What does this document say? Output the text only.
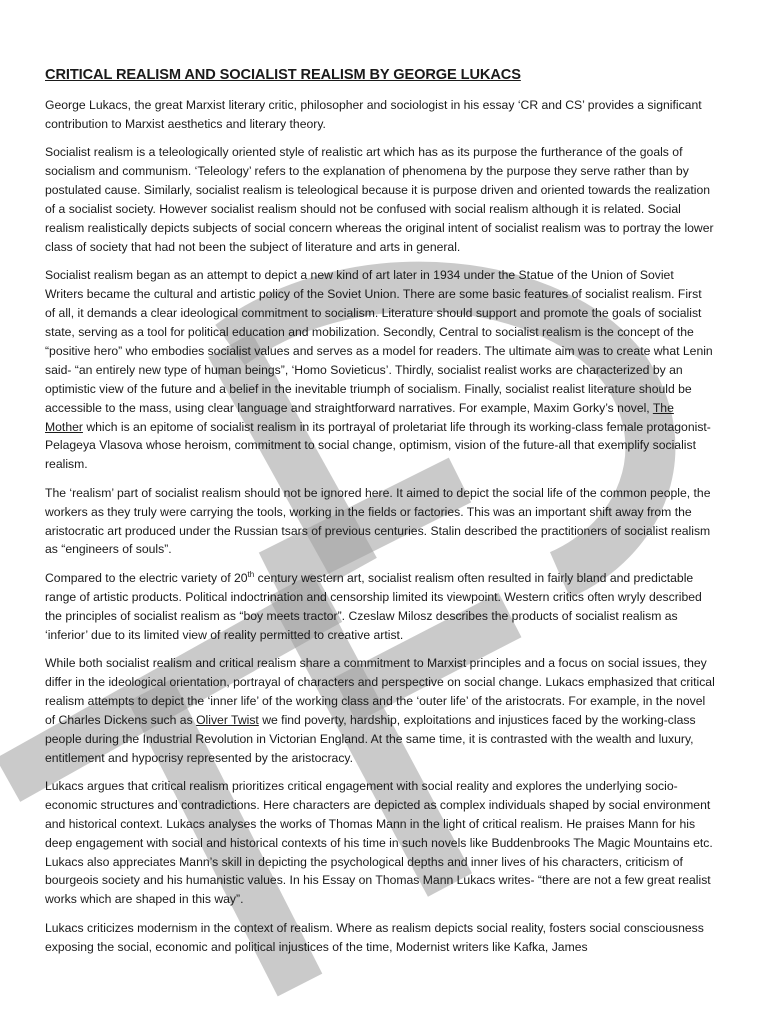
CRITICAL REALISM AND SOCIALIST REALISM BY GEORGE LUKACS

George Lukacs, the great Marxist literary critic, philosopher and sociologist in his essay ‘CR and CS’ provides a significant contribution to Marxist aesthetics and literary theory.

Socialist realism is a teleologically oriented style of realistic art which has as its purpose the furtherance of the goals of socialism and communism. ‘Teleology’ refers to the explanation of phenomena by the purpose they serve rather than by postulated cause. Similarly, socialist realism is teleological because it is purpose driven and oriented towards the realization of a socialist society. However socialist realism should not be confused with social realism although it is related. Social realism realistically depicts subjects of social concern whereas the original intent of socialist realism was to portray the lower class of society that had not been the subject of literature and arts in general.

Socialist realism began as an attempt to depict a new kind of art later in 1934 under the Statue of the Union of Soviet Writers became the cultural and artistic policy of the Soviet Union. There are some basic features of socialist realism. First of all, it demands a clear ideological commitment to socialism. Literature should support and promote the goals of socialist state, serving as a tool for political education and mobilization. Secondly, Central to socialist realism is the concept of the “positive hero” who embodies socialist values and serves as a model for readers. The ultimate aim was to create what Lenin said- “an entirely new type of human beings”, ‘Homo Sovieticus’. Thirdly, socialist realist works are characterized by an optimistic view of the future and a belief in the inevitable triumph of socialism. Finally, socialist realist literature should be accessible to the mass, using clear language and straightforward narratives. For example, Maxim Gorky’s novel, The Mother which is an epitome of socialist realism in its portrayal of proletariat life through its working-class female protagonist- Pelageya Vlasova whose heroism, commitment to social change, optimism, vision of the future-all that exemplify socialist realism.

The ‘realism’ part of socialist realism should not be ignored here. It aimed to depict the social life of the common people, the workers as they truly were carrying the tools, working in the fields or factories. This was an important shift away from the aristocratic art produced under the Russian tsars of previous centuries. Stalin described the practitioners of socialist realism as “engineers of souls”.

Compared to the electric variety of 20th century western art, socialist realism often resulted in fairly bland and predictable range of artistic products. Political indoctrination and censorship limited its viewpoint. Western critics often wryly described the principles of socialist realism as “boy meets tractor”. Czeslaw Milosz describes the products of socialist realism as ‘inferior’ due to its limited view of reality permitted to creative artist.

While both socialist realism and critical realism share a commitment to Marxist principles and a focus on social issues, they differ in the ideological orientation, portrayal of characters and perspective on social change. Lukacs emphasized that critical realism attempts to depict the ‘inner life’ of the working class and the ‘outer life’ of the aristocrats. For example, in the novel of Charles Dickens such as Oliver Twist we find poverty, hardship, exploitations and injustices faced by the working-class people during the Industrial Revolution in Victorian England. At the same time, it is contrasted with the wealth and luxury, entitlement and hypocrisy represented by the aristocracy.

Lukacs argues that critical realism prioritizes critical engagement with social reality and explores the underlying socio-economic structures and contradictions. Here characters are depicted as complex individuals shaped by social environment and historical context. Lukacs analyses the works of Thomas Mann in the light of critical realism. He praises Mann for his deep engagement with social and historical contexts of his time in such novels like Buddenbrooks The Magic Mountains etc. Lukacs also appreciates Mann’s skill in depicting the psychological depths and inner lives of his characters, criticism of bourgeois society and his humanistic values. In his Essay on Thomas Mann Lukacs writes- “there are not a few great realist works which are shaped in this way”.

Lukacs criticizes modernism in the context of realism. Where as realism depicts social reality, fosters social consciousness exposing the social, economic and political injustices of the time, Modernist writers like Kafka, James
